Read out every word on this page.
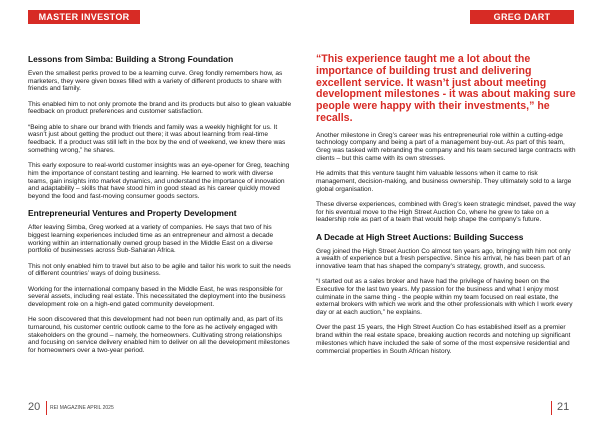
MASTER INVESTOR	GREG DART
Lessons from Simba: Building a Strong Foundation

Even the smallest perks proved to be a learning curve. Greg fondly remembers how, as marketers, they were given boxes filled with a variety of different products to share with friends and family.

This enabled him to not only promote the brand and its products but also to glean valuable feedback on product preferences and customer satisfaction.

“Being able to share our brand with friends and family was a weekly highlight for us. It wasn’t just about getting the product out there; it was about learning from real-time feedback. If a product was still left in the box by the end of weekend, we knew there was something wrong,” he shares.

This early exposure to real-world customer insights was an eye-opener for Greg, teaching him the importance of constant testing and learning. He learned to work with diverse teams, gain insights into market dynamics, and understand the importance of innovation and adaptability – skills that have stood him in good stead as his career quickly moved beyond the food and fast-moving consumer goods sectors.

Entrepreneurial Ventures and Property Development

After leaving Simba, Greg worked at a variety of companies. He says that two of his biggest learning experiences included time as an entrepreneur and almost a decade working within an internationally owned group based in the Middle East on a diverse portfolio of businesses across Sub-Saharan Africa.

This not only enabled him to travel but also to be agile and tailor his work to suit the needs of different countries’ ways of doing business.

Working for the international company based in the Middle East, he was responsible for several assets, including real estate. This necessitated the deployment into the business development role on a high-end gated community development.

He soon discovered that this development had not been run optimally and, as part of its turnaround, his customer centric outlook came to the fore as he actively engaged with stakeholders on the ground – namely, the homeowners. Cultivating strong relationships and focusing on service delivery enabled him to deliver on all the development milestones for homeowners over a two-year period.

“This experience taught me a lot about the importance of building trust and delivering excellent service. It wasn’t just about meeting development milestones - it was about making sure people were happy with their investments,” he recalls.

Another milestone in Greg’s career was his entrepreneurial role within a cutting-edge technology company and being a part of a management buy-out. As part of this team, Greg was tasked with rebranding the company and his team secured large contracts with clients – but this came with its own stresses.

He admits that this venture taught him valuable lessons when it came to risk management, decision-making, and business ownership. They ultimately sold to a large global organisation.

These diverse experiences, combined with Greg’s keen strategic mindset, paved the way for his eventual move to the High Street Auction Co, where he grew to take on a leadership role as part of a team that would help shape the company’s future.

A Decade at High Street Auctions: Building Success

Greg joined the High Street Auction Co almost ten years ago, bringing with him not only a wealth of experience but a fresh perspective. Since his arrival, he has been part of an innovative team that has shaped the company’s strategy, growth, and success.

“I started out as a sales broker and have had the privilege of having been on the Executive for the last two years. My passion for the business and what I enjoy most culminate in the same thing - the people within my team focused on real estate, the external brokers with which we work and the other professionals with which I work every day or at each auction,” he explains.

Over the past 15 years, the High Street Auction Co has established itself as a premier brand within the real estate space, breaking auction records and notching up significant milestones which have included the sale of some of the most expensive residential and commercial properties in South African history.

20 REI MAGAZINE APRIL 2025	21
